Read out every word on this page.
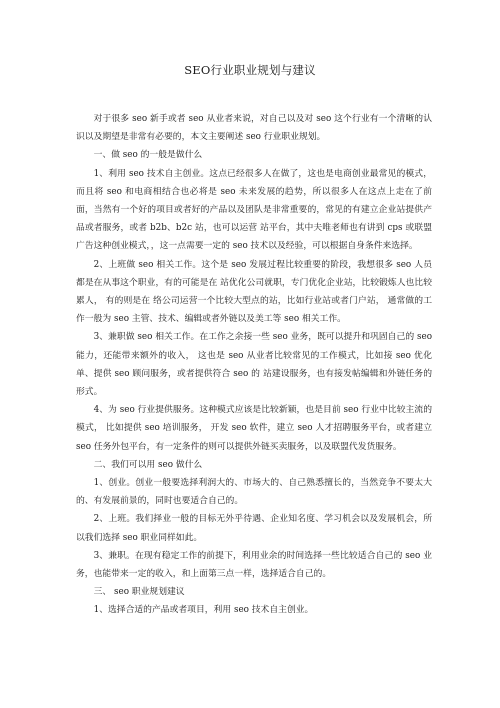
SEO行业职业规划与建议

对于很多 seo 新手或者 seo 从业者来说，对自己以及对 seo 这个行业有一个清晰的认识以及期望是非常有必要的，本文主要阐述 seo 行业职业规划。

一、做 seo 的一般是做什么

1、利用 seo 技术自主创业。这点已经很多人在做了，这也是电商创业最常见的模式，而且将 seo 和电商相结合也必将是 seo 未来发展的趋势，所以很多人在这点上走在了前面，当然有一个好的项目或者好的产品以及团队是非常重要的，常见的有建立企业站提供产品或者服务，或者 b2b、b2c 站，也可以运营 站平台，其中夫唯老师也有讲到 cps 或联盟广告这种创业模式，，这一点需要一定的 seo 技术以及经验，可以根据自身条件来选择。

2、上班做 seo 相关工作。这个是 seo 发展过程比较重要的阶段，我想很多 seo 人员都是在从事这个职业，有的可能是在 站优化公司就职，专门优化企业站，比较锻炼人也比较累人， 有的则是在 络公司运营一个比较大型点的站，比如行业站或者门户站， 通常做的工作一般为 seo 主管、技术、编辑或者外链以及美工等 seo 相关工作。

3、兼职做 seo 相关工作。在工作之余接一些 seo 业务，既可以提升和巩固自己的 seo 能力，还能带来额外的收入， 这也是 seo 从业者比较常见的工作模式，比如接 seo 优化单、提供 seo 顾问服务，或者提供符合 seo 的 站建设服务，也有接发帖编辑和外链任务的形式。

4、为 seo 行业提供服务。这种模式应该是比较新颖，也是目前 seo 行业中比较主流的模式， 比如提供 seo 培训服务， 开发 seo 软件，建立 seo 人才招聘服务平台，或者建立 seo 任务外包平台，有一定条件的则可以提供外链买卖服务，以及联盟代发货服务。

二、我们可以用 seo 做什么

1、创业。创业一般要选择利润大的、市场大的、自己熟悉擅长的，当然竞争不要太大的、有发展前景的，同时也要适合自己的。

2、上班。我们择业一般的目标无外乎待遇、企业知名度、学习机会以及发展机会，所以我们选择 seo 职业同样如此。

3、兼职。在现有稳定工作的前提下，利用业余的时间选择一些比较适合自己的 seo 业务，也能带来一定的收入，和上面第三点一样，选择适合自己的。

三、 seo 职业规划建议

1、选择合适的产品或者项目，利用 seo 技术自主创业。
